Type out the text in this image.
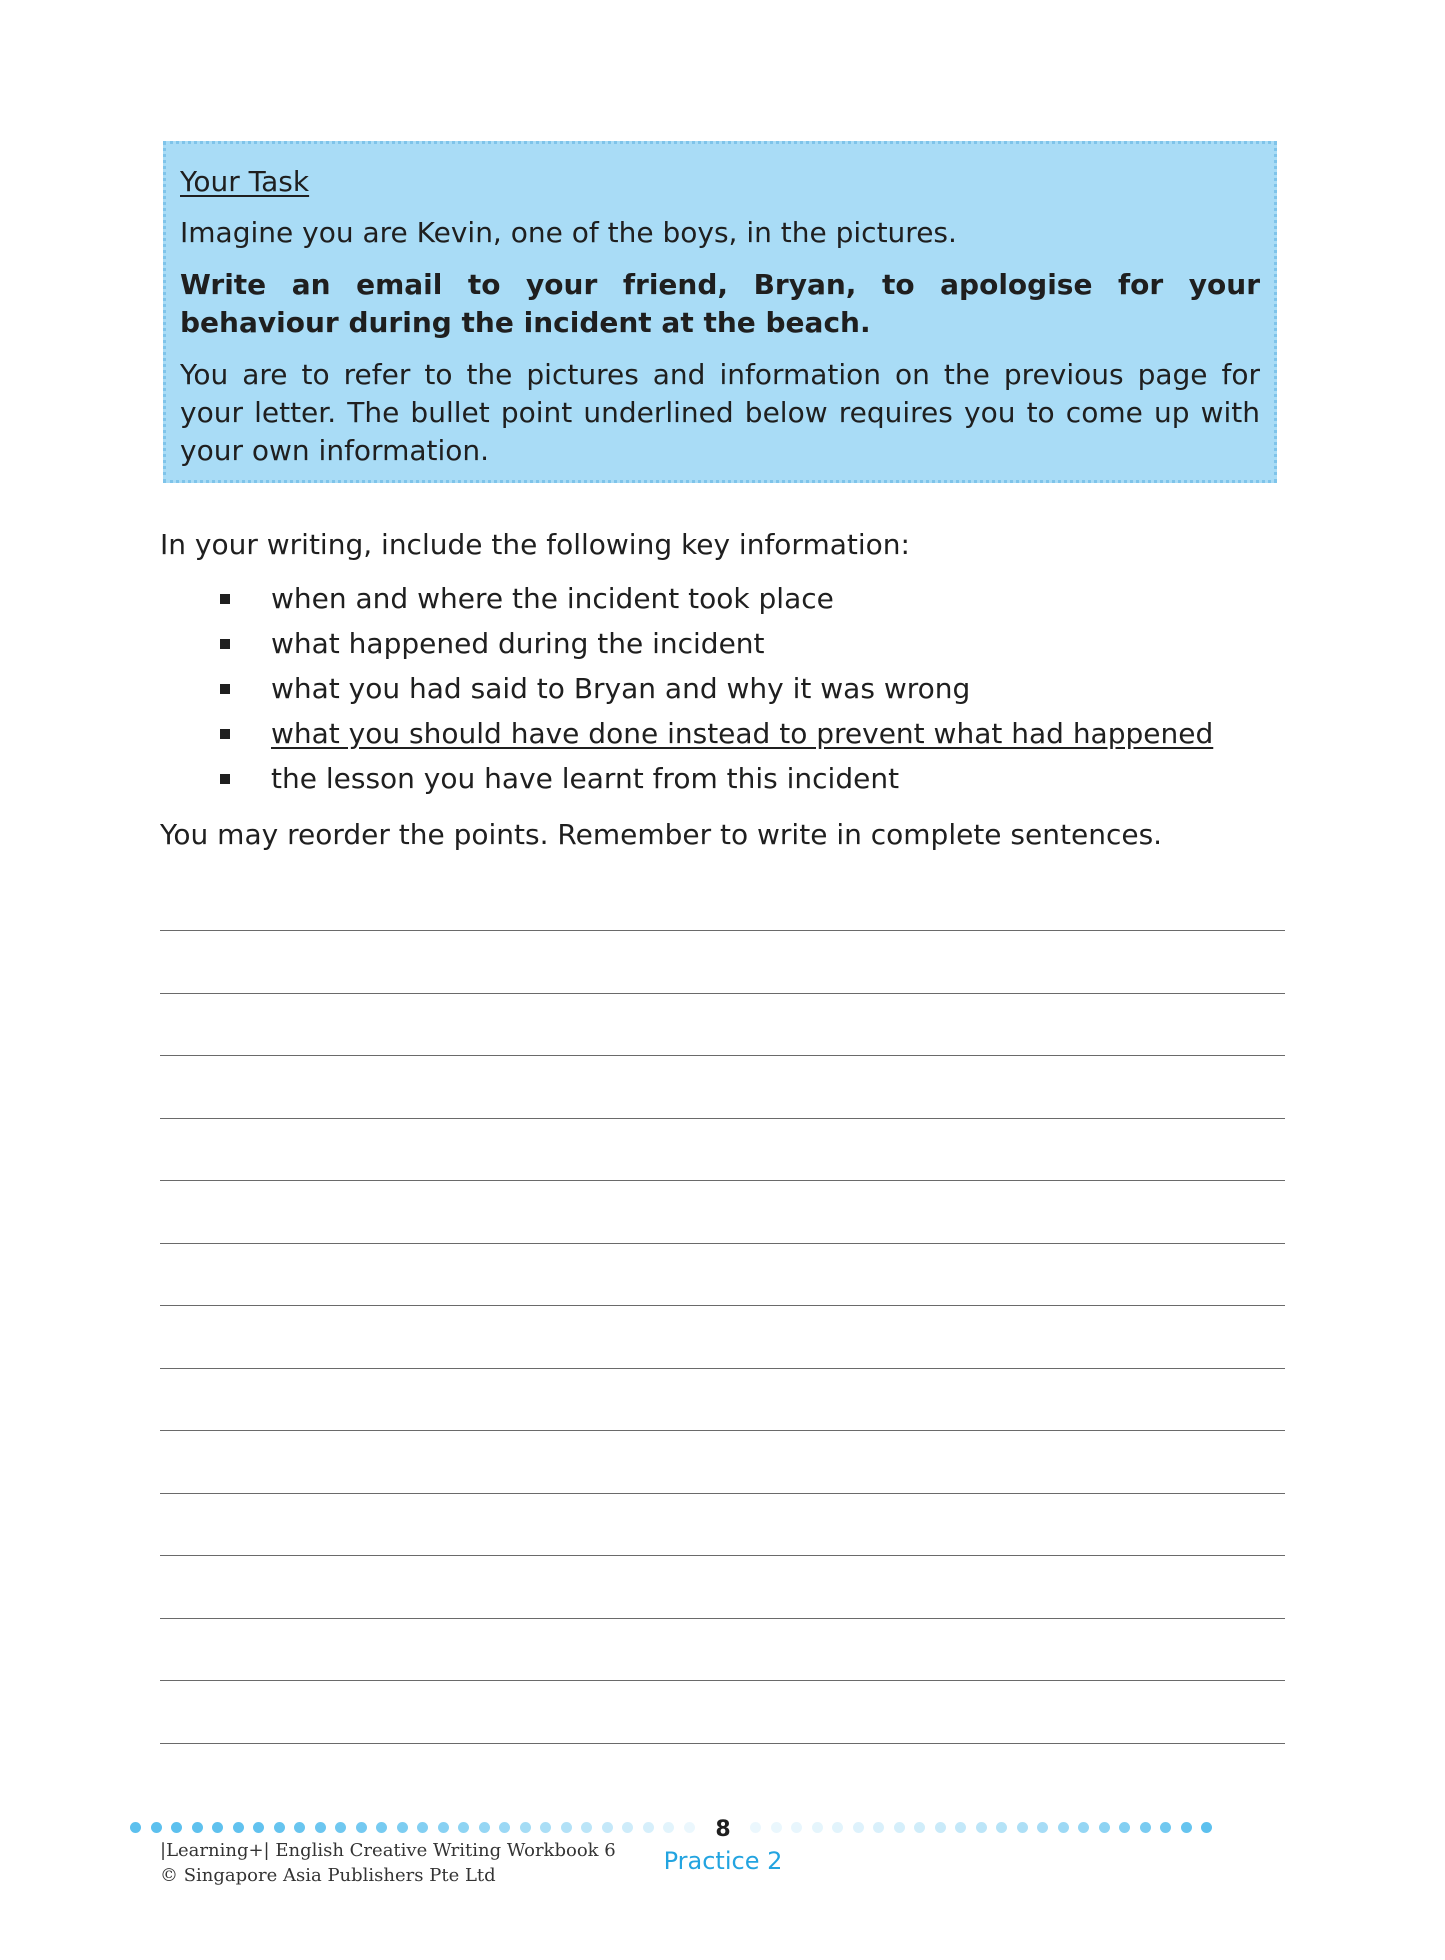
Your Task

Imagine you are Kevin, one of the boys, in the pictures.

Write an email to your friend, Bryan, to apologise for your behaviour during the incident at the beach.

You are to refer to the pictures and information on the previous page for your letter. The bullet point underlined below requires you to come up with your own information.

In your writing, include the following key information:

when and where the incident took place
what happened during the incident
what you had said to Bryan and why it was wrong
what you should have done instead to prevent what had happened
the lesson you have learnt from this incident

You may reorder the points. Remember to write in complete sentences.

8
Practice 2
|Learning+| English Creative Writing Workbook 6
© Singapore Asia Publishers Pte Ltd
